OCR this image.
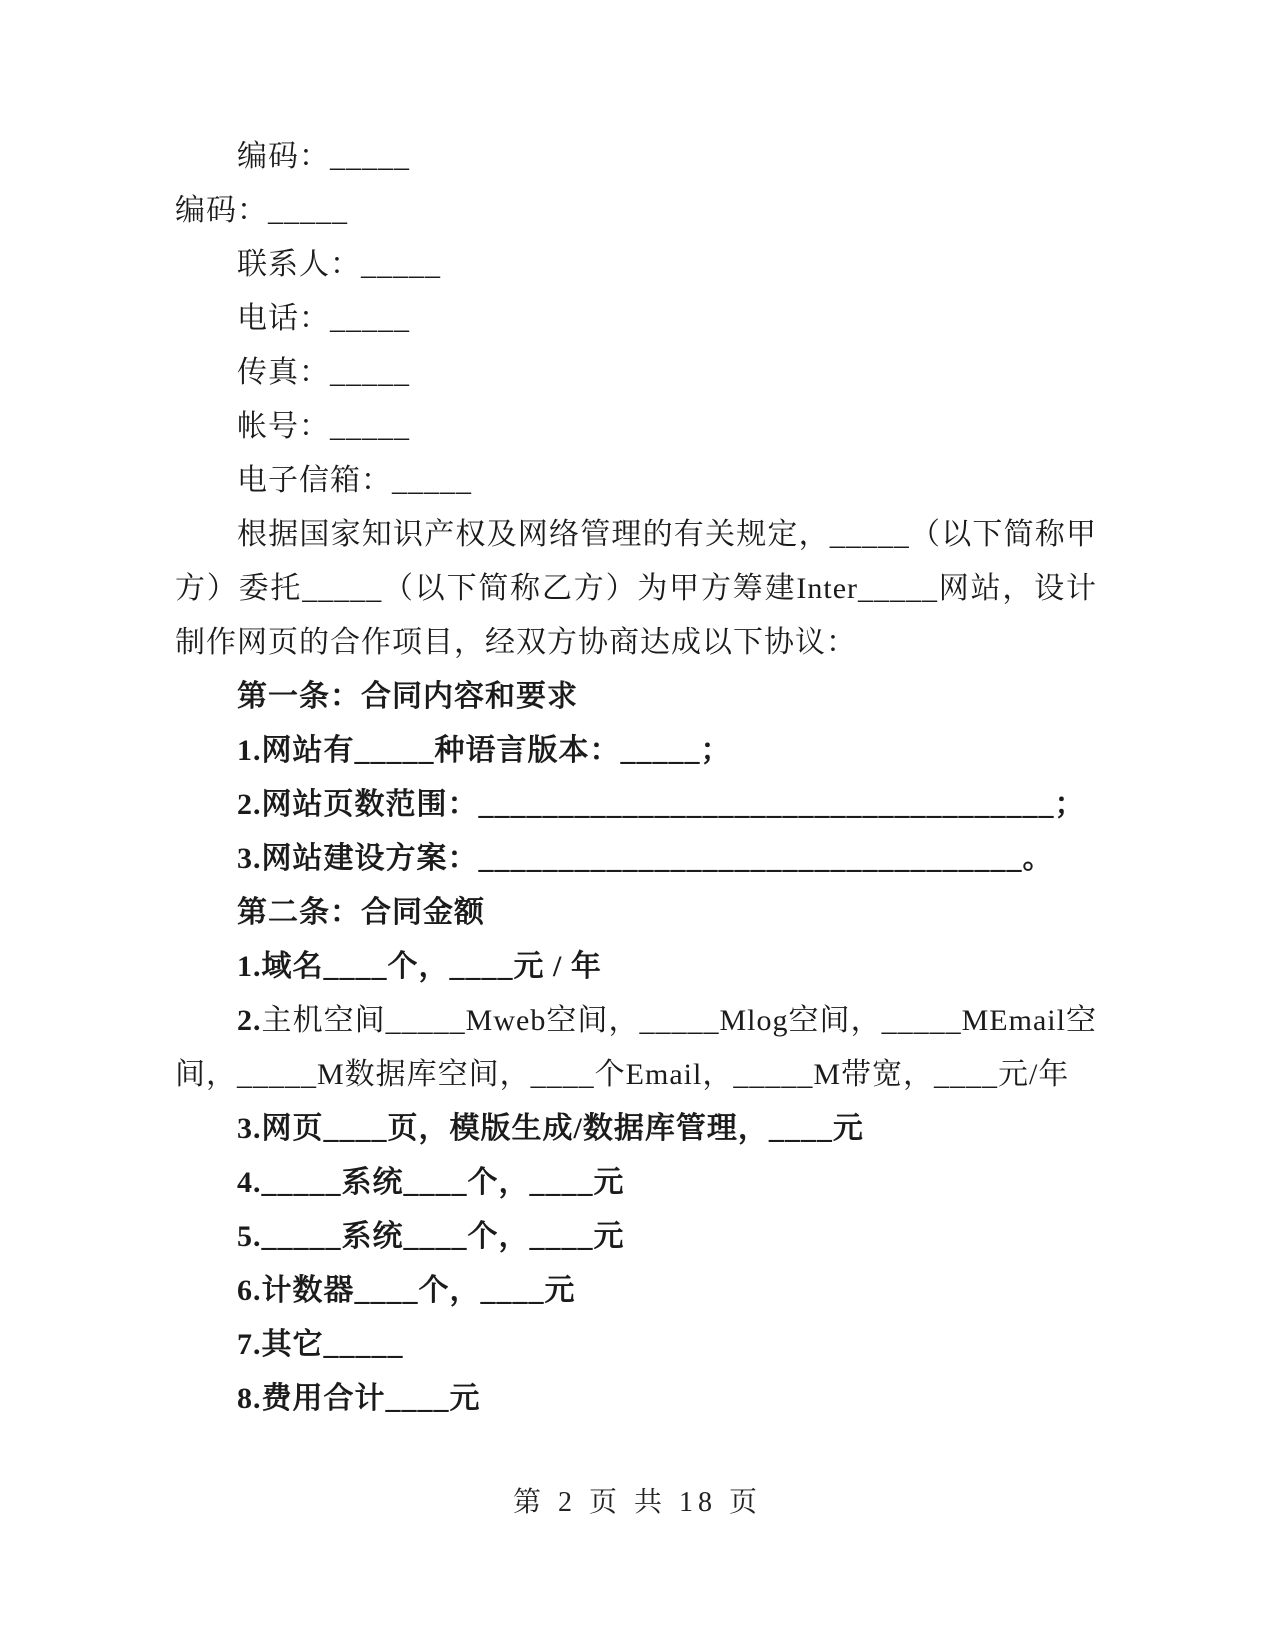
编码：_____

编码：_____

联系人：_____

电话：_____

传真：_____

帐号：_____

电子信箱：_____

根据国家知识产权及网络管理的有关规定，_____（以下简称甲方）委托_____（以下简称乙方）为甲方筹建Inter_____网站，设计制作网页的合作项目，经双方协商达成以下协议：

第一条：合同内容和要求

1.网站有_____种语言版本：_____；

2.网站页数范围：____________________________________；

3.网站建设方案：__________________________________。

第二条：合同金额

1.域名____个，____元 / 年

2.主机空间_____Mweb空间，_____Mlog空间，_____MEmail空间，_____M数据库空间，____个Email，_____M带宽，____元/年

3.网页____页，模版生成/数据库管理，____元

4._____系统____个，____元

5._____系统____个，____元

6.计数器____个，____元

7.其它_____

8.费用合计____元

第 2 页 共 18 页
